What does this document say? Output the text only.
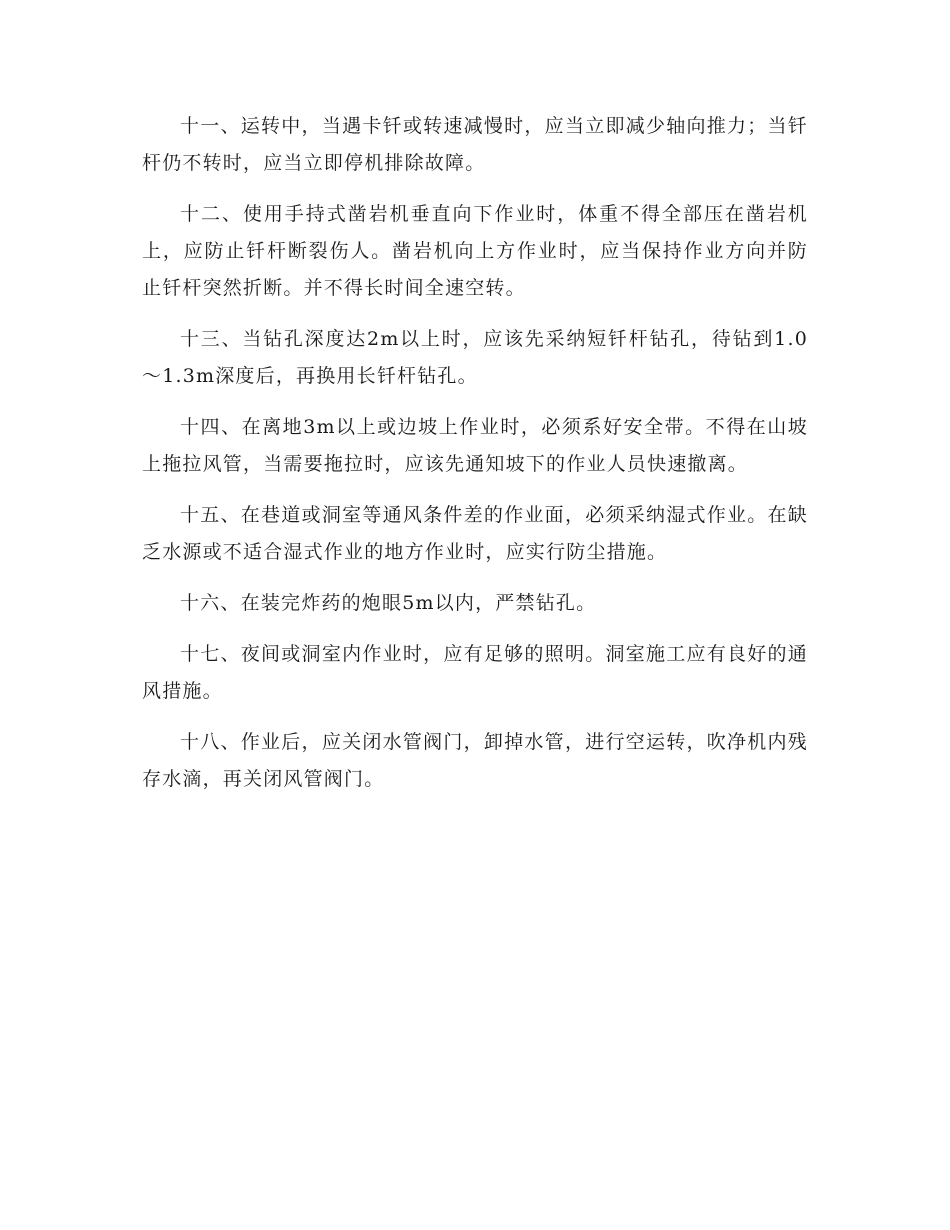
十一、运转中，当遇卡钎或转速减慢时，应当立即减少轴向推力；当钎杆仍不转时，应当立即停机排除故障。

十二、使用手持式凿岩机垂直向下作业时，体重不得全部压在凿岩机上，应防止钎杆断裂伤人。凿岩机向上方作业时，应当保持作业方向并防止钎杆突然折断。并不得长时间全速空转。

十三、当钻孔深度达2m以上时，应该先采纳短钎杆钻孔，待钻到1.0～1.3m深度后，再换用长钎杆钻孔。

十四、在离地3m以上或边坡上作业时，必须系好安全带。不得在山坡上拖拉风管，当需要拖拉时，应该先通知坡下的作业人员快速撤离。

十五、在巷道或洞室等通风条件差的作业面，必须采纳湿式作业。在缺乏水源或不适合湿式作业的地方作业时，应实行防尘措施。

十六、在装完炸药的炮眼5m以内，严禁钻孔。

十七、夜间或洞室内作业时，应有足够的照明。洞室施工应有良好的通风措施。

十八、作业后，应关闭水管阀门，卸掉水管，进行空运转，吹净机内残存水滴，再关闭风管阀门。
